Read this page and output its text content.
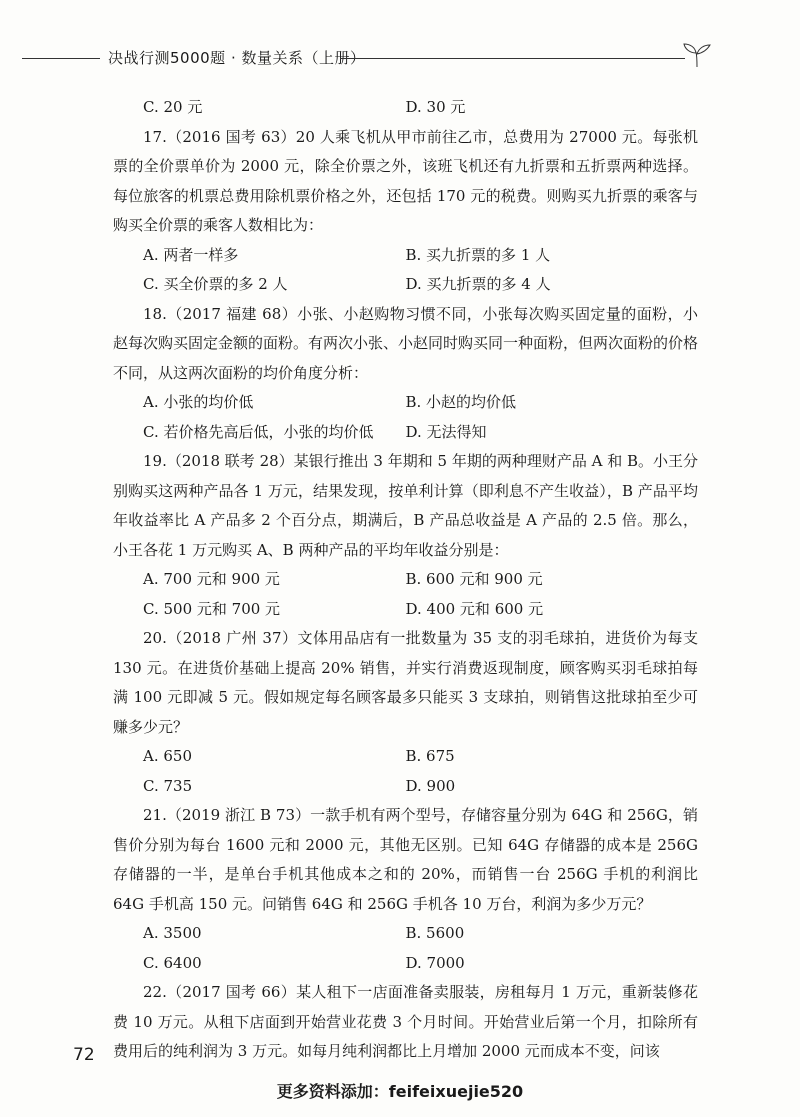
决战行测5000题 · 数量关系（上册）
C. 20 元	D. 30 元

17.（2016 国考 63）20 人乘飞机从甲市前往乙市，总费用为 27000 元。每张机票的全价票单价为 2000 元，除全价票之外，该班飞机还有九折票和五折票两种选择。每位旅客的机票总费用除机票价格之外，还包括 170 元的税费。则购买九折票的乘客与购买全价票的乘客人数相比为：

A. 两者一样多	B. 买九折票的多 1 人
C. 买全价票的多 2 人	D. 买九折票的多 4 人

18.（2017 福建 68）小张、小赵购物习惯不同，小张每次购买固定量的面粉，小赵每次购买固定金额的面粉。有两次小张、小赵同时购买同一种面粉，但两次面粉的价格不同，从这两次面粉的均价角度分析：

A. 小张的均价低	B. 小赵的均价低
C. 若价格先高后低，小张的均价低	D. 无法得知

19.（2018 联考 28）某银行推出 3 年期和 5 年期的两种理财产品 A 和 B。小王分别购买这两种产品各 1 万元，结果发现，按单利计算（即利息不产生收益），B 产品平均年收益率比 A 产品多 2 个百分点，期满后，B 产品总收益是 A 产品的 2.5 倍。那么，小王各花 1 万元购买 A、B 两种产品的平均年收益分别是：

A. 700 元和 900 元	B. 600 元和 900 元
C. 500 元和 700 元	D. 400 元和 600 元

20.（2018 广州 37）文体用品店有一批数量为 35 支的羽毛球拍，进货价为每支 130 元。在进货价基础上提高 20% 销售，并实行消费返现制度，顾客购买羽毛球拍每满 100 元即减 5 元。假如规定每名顾客最多只能买 3 支球拍，则销售这批球拍至少可赚多少元？

A. 650	B. 675
C. 735	D. 900

21.（2019 浙江 B 73）一款手机有两个型号，存储容量分别为 64G 和 256G，销售价分别为每台 1600 元和 2000 元，其他无区别。已知 64G 存储器的成本是 256G 存储器的一半，是单台手机其他成本之和的 20%，而销售一台 256G 手机的利润比 64G 手机高 150 元。问销售 64G 和 256G 手机各 10 万台，利润为多少万元？

A. 3500	B. 5600
C. 6400	D. 7000

22.（2017 国考 66）某人租下一店面准备卖服装，房租每月 1 万元，重新装修花费 10 万元。从租下店面到开始营业花费 3 个月时间。开始营业后第一个月，扣除所有费用后的纯利润为 3 万元。如每月纯利润都比上月增加 2000 元而成本不变，问该

72
更多资料添加：feifeixuejie520
